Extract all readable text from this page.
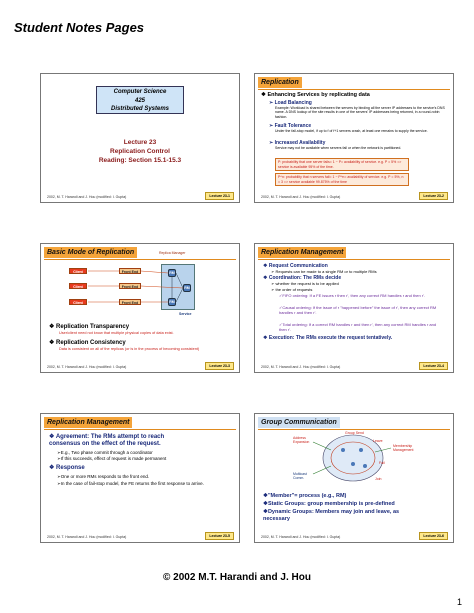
Student Notes Pages
Computer Science
425
Distributed Systems
Lecture 23
Replication Control
Reading: Section 15.1-15.3
2002, M. T. Harandi and J. Hou (modified: I. Gupta)	Lecture 23-1
Replication
❖ Enhancing Services by replicating data
➢ Load Balancing
Example: Workload is shared between the servers by binding all the server IP addresses to the service's DNS name. A DNS lookup of the site results in one of the servers' IP addresses being returned, in a round-robin fashion.
➢ Fault Tolerance
Under the fail-stop model, if up to f of f+1 servers crash, at least one remains to supply the service.
➢ Increased Availability
Service may not be available when servers fail or when the network is partitioned.
P: probability that one server fails= 1 − P= availability of service. e.g. P = 5% => service is available 95% of the time.
P^n: probability that n servers fail= 1 − P^n= availability of service. e.g. P = 5%, n = 3 => service available 99.875% of the time
2002, M. T. Harandi and J. Hou (modified: I. Gupta)	Lecture 23-2
Basic Mode of Replication	Replica Manager
Service
Client	Front End
Client	Front End
Client	Front End
RM
RM
RM
❖ Replication Transparency
User/client need not know that multiple physical copies of data exist.
❖ Replication Consistency
Data is consistent on all of the replicas (or is in the process of becoming consistent)
2002, M. T. Harandi and J. Hou (modified: I. Gupta)	Lecture 23-3
Replication Management
❖ Request Communication
➢ Requests can be made to a single RM or to multiple RMs
❖ Coordination: The RMs decide
➢ whether the request is to be applied
➢ the order of requests
✓FIFO ordering: If a FE issues r then r', then any correct RM handles r and then r'.
✓Causal ordering: If the issue of r "happened before" the issue of r', then any correct RM handles r and then r'.
✓Total ordering: If a correct RM handles r and then r', then any correct RM handles r and then r'.
❖ Execution: The RMs execute the request tentatively.
2002, M. T. Harandi and J. Hou (modified: I. Gupta)	Lecture 23-4
Replication Management
❖ Agreement: The RMs attempt to reach consensus on the effect of the request.
➢E.g., Two phase commit through a coordinator
➢If this succeeds, effect of request is made permanent
❖ Response
➢One or more RMs responds to the front end.
➢In the case of fail-stop model, the FE returns the first response to arrive.
2002, M. T. Harandi and J. Hou (modified: I. Gupta)	Lecture 23-5
Group Communication
Address Expansion
Group Send
Leave
Membership Management
Fail
Multicast Comm.	Join
❖"Member"= process (e.g., RM)
❖Static Groups: group membership is pre-defined
❖Dynamic Groups: Members may join and leave, as necessary
2002, M. T. Harandi and J. Hou (modified: I. Gupta)	Lecture 23-6
© 2002 M.T. Harandi and J. Hou
1
